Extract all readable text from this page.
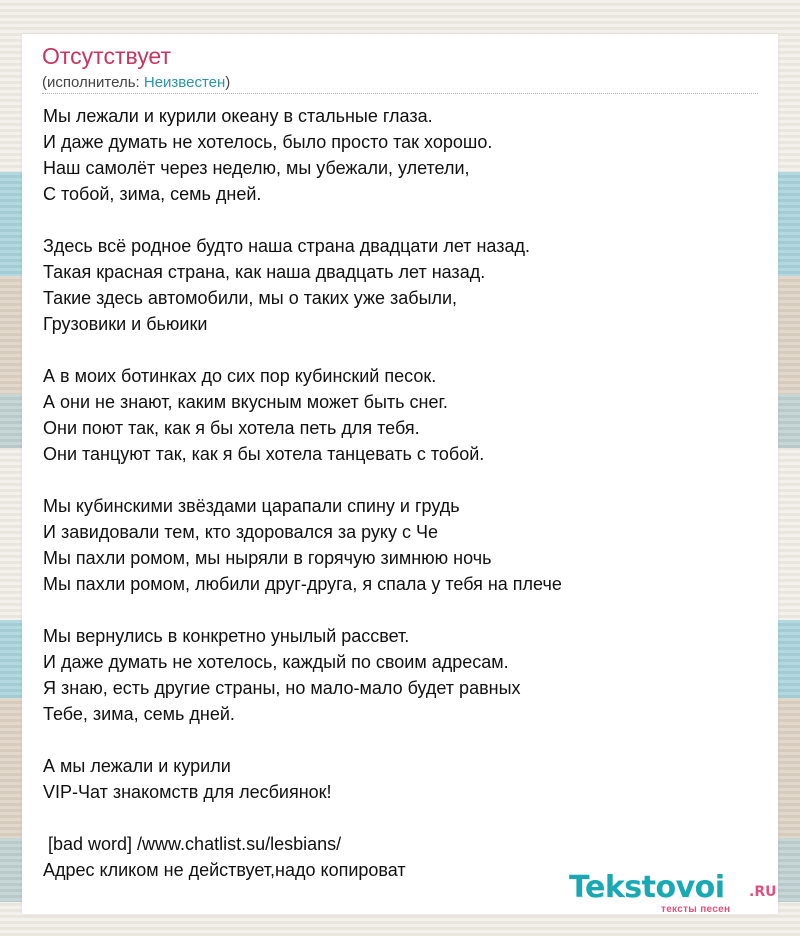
Отсутствует
(исполнитель: Неизвестен)
Мы лежали и курили океану в стальные глаза.
И даже думать не хотелось, было просто так хорошо.
Наш самолёт через неделю, мы убежали, улетели,
С тобой, зима, семь дней.
Здесь всё родное будто наша страна двадцати лет назад.
Такая красная страна, как наша двадцать лет назад.
Такие здесь автомобили, мы о таких уже забыли,
Грузовики и бьюики
А в моих ботинках до сих пор кубинский песок.
А они не знают, каким вкусным может быть снег.
Они поют так, как я бы хотела петь для тебя.
Они танцуют так, как я бы хотела танцевать с тобой.
Мы кубинскими звёздами царапали спину и грудь
И завидовали тем, кто здоровался за руку с Че
Мы пахли ромом, мы ныряли в горячую зимнюю ночь
Мы пахли ромом, любили друг-друга, я спала у тебя на плече
Мы вернулись в конкретно унылый рассвет.
И даже думать не хотелось, каждый по своим адресам.
Я знаю, есть другие страны, но мало-мало будет равных
Тебе, зима, семь дней.
А мы лежали и курили
VIP-Чат знакомств для лесбиянок!
[bad word] /www.chatlist.su/lesbians/
Адрес кликом не действует,надо копироват	Tekstovoi .RU
тексты песен
